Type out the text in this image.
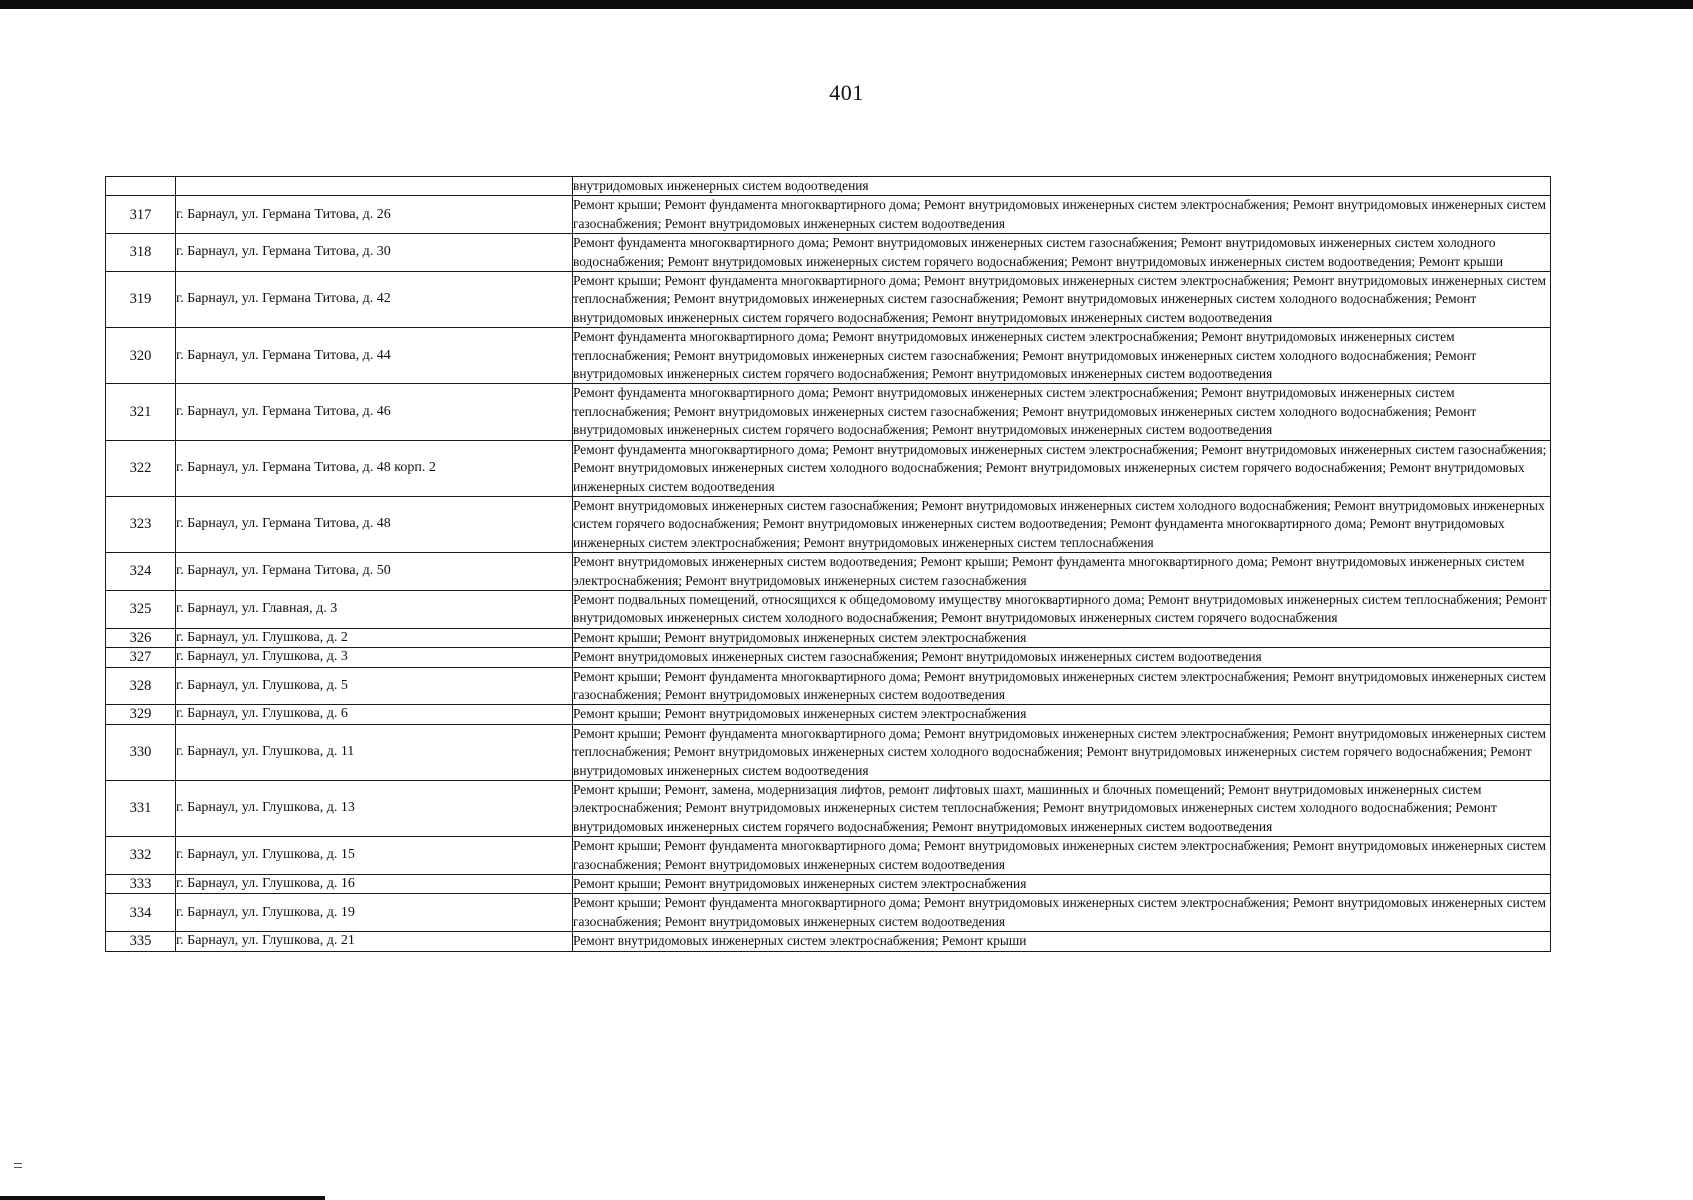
401
		внутридомовых инженерных систем водоотведения
317	г. Барнаул, ул. Германа Титова, д. 26	Ремонт крыши; Ремонт фундамента многоквартирного дома; Ремонт внутридомовых инженерных систем электроснабжения; Ремонт внутридомовых инженерных систем газоснабжения; Ремонт внутридомовых инженерных систем водоотведения
318	г. Барнаул, ул. Германа Титова, д. 30	Ремонт фундамента многоквартирного дома; Ремонт внутридомовых инженерных систем газоснабжения; Ремонт внутридомовых инженерных систем холодного водоснабжения; Ремонт внутридомовых инженерных систем горячего водоснабжения; Ремонт внутридомовых инженерных систем водоотведения; Ремонт крыши
319	г. Барнаул, ул. Германа Титова, д. 42	Ремонт крыши; Ремонт фундамента многоквартирного дома; Ремонт внутридомовых инженерных систем электроснабжения; Ремонт внутридомовых инженерных систем теплоснабжения; Ремонт внутридомовых инженерных систем газоснабжения; Ремонт внутридомовых инженерных систем холодного водоснабжения; Ремонт внутридомовых инженерных систем горячего водоснабжения; Ремонт внутридомовых инженерных систем водоотведения
320	г. Барнаул, ул. Германа Титова, д. 44	Ремонт фундамента многоквартирного дома; Ремонт внутридомовых инженерных систем электроснабжения; Ремонт внутридомовых инженерных систем теплоснабжения; Ремонт внутридомовых инженерных систем газоснабжения; Ремонт внутридомовых инженерных систем холодного водоснабжения; Ремонт внутридомовых инженерных систем горячего водоснабжения; Ремонт внутридомовых инженерных систем водоотведения
321	г. Барнаул, ул. Германа Титова, д. 46	Ремонт фундамента многоквартирного дома; Ремонт внутридомовых инженерных систем электроснабжения; Ремонт внутридомовых инженерных систем теплоснабжения; Ремонт внутридомовых инженерных систем газоснабжения; Ремонт внутридомовых инженерных систем холодного водоснабжения; Ремонт внутридомовых инженерных систем горячего водоснабжения; Ремонт внутридомовых инженерных систем водоотведения
322	г. Барнаул, ул. Германа Титова, д. 48 корп. 2	Ремонт фундамента многоквартирного дома; Ремонт внутридомовых инженерных систем электроснабжения; Ремонт внутридомовых инженерных систем газоснабжения; Ремонт внутридомовых инженерных систем холодного водоснабжения; Ремонт внутридомовых инженерных систем горячего водоснабжения; Ремонт внутридомовых инженерных систем водоотведения
323	г. Барнаул, ул. Германа Титова, д. 48	Ремонт внутридомовых инженерных систем газоснабжения; Ремонт внутридомовых инженерных систем холодного водоснабжения; Ремонт внутридомовых инженерных систем горячего водоснабжения; Ремонт внутридомовых инженерных систем водоотведения; Ремонт фундамента многоквартирного дома; Ремонт внутридомовых инженерных систем электроснабжения; Ремонт внутридомовых инженерных систем теплоснабжения
324	г. Барнаул, ул. Германа Титова, д. 50	Ремонт внутридомовых инженерных систем водоотведения; Ремонт крыши; Ремонт фундамента многоквартирного дома; Ремонт внутридомовых инженерных систем электроснабжения; Ремонт внутридомовых инженерных систем газоснабжения
325	г. Барнаул, ул. Главная, д. 3	Ремонт подвальных помещений, относящихся к общедомовому имуществу многоквартирного дома; Ремонт внутридомовых инженерных систем теплоснабжения; Ремонт внутридомовых инженерных систем холодного водоснабжения; Ремонт внутридомовых инженерных систем горячего водоснабжения
326	г. Барнаул, ул. Глушкова, д. 2	Ремонт крыши; Ремонт внутридомовых инженерных систем электроснабжения
327	г. Барнаул, ул. Глушкова, д. 3	Ремонт внутридомовых инженерных систем газоснабжения; Ремонт внутридомовых инженерных систем водоотведения
328	г. Барнаул, ул. Глушкова, д. 5	Ремонт крыши; Ремонт фундамента многоквартирного дома; Ремонт внутридомовых инженерных систем электроснабжения; Ремонт внутридомовых инженерных систем газоснабжения; Ремонт внутридомовых инженерных систем водоотведения
329	г. Барнаул, ул. Глушкова, д. 6	Ремонт крыши; Ремонт внутридомовых инженерных систем электроснабжения
330	г. Барнаул, ул. Глушкова, д. 11	Ремонт крыши; Ремонт фундамента многоквартирного дома; Ремонт внутридомовых инженерных систем электроснабжения; Ремонт внутридомовых инженерных систем теплоснабжения; Ремонт внутридомовых инженерных систем холодного водоснабжения; Ремонт внутридомовых инженерных систем горячего водоснабжения; Ремонт внутридомовых инженерных систем водоотведения
331	г. Барнаул, ул. Глушкова, д. 13	Ремонт крыши; Ремонт, замена, модернизация лифтов, ремонт лифтовых шахт, машинных и блочных помещений; Ремонт внутридомовых инженерных систем электроснабжения; Ремонт внутридомовых инженерных систем теплоснабжения; Ремонт внутридомовых инженерных систем холодного водоснабжения; Ремонт внутридомовых инженерных систем горячего водоснабжения; Ремонт внутридомовых инженерных систем водоотведения
332	г. Барнаул, ул. Глушкова, д. 15	Ремонт крыши; Ремонт фундамента многоквартирного дома; Ремонт внутридомовых инженерных систем электроснабжения; Ремонт внутридомовых инженерных систем газоснабжения; Ремонт внутридомовых инженерных систем водоотведения
333	г. Барнаул, ул. Глушкова, д. 16	Ремонт крыши; Ремонт внутридомовых инженерных систем электроснабжения
334	г. Барнаул, ул. Глушкова, д. 19	Ремонт крыши; Ремонт фундамента многоквартирного дома; Ремонт внутридомовых инженерных систем электроснабжения; Ремонт внутридомовых инженерных систем газоснабжения; Ремонт внутридомовых инженерных систем водоотведения
335	г. Барнаул, ул. Глушкова, д. 21	Ремонт внутридомовых инженерных систем электроснабжения; Ремонт крыши
